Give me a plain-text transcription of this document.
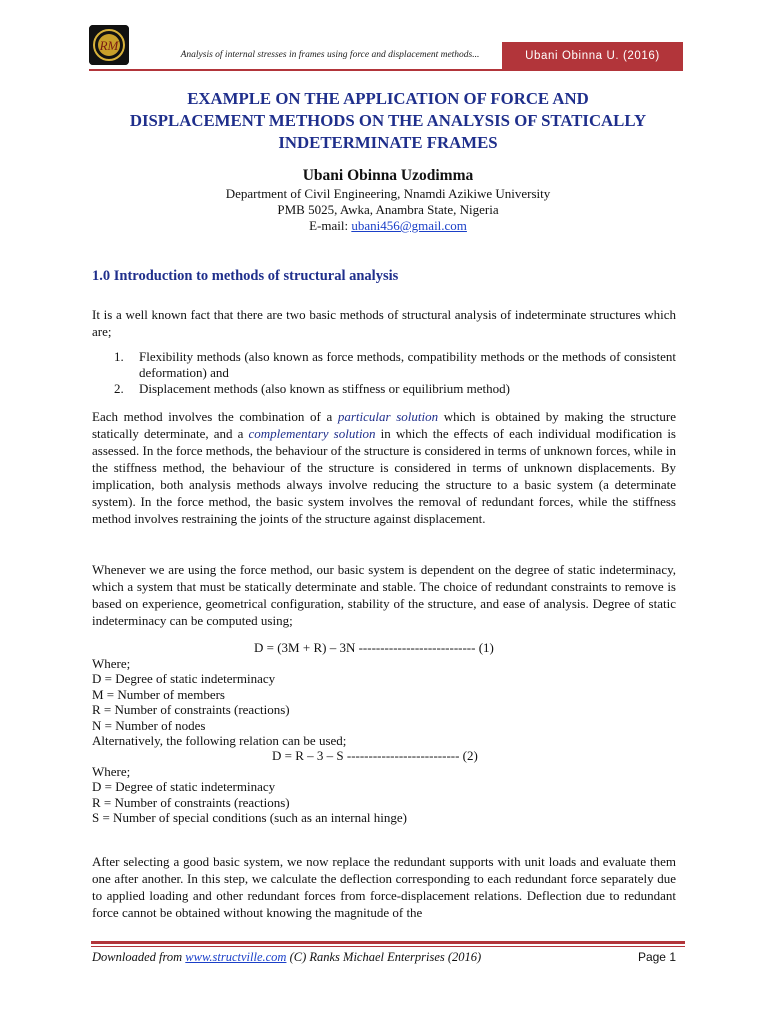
RM
Analysis of internal stresses in frames using force and displacement methods...	Ubani Obinna U. (2016)
EXAMPLE ON THE APPLICATION OF FORCE AND
DISPLACEMENT METHODS ON THE ANALYSIS OF STATICALLY
INDETERMINATE FRAMES
Ubani Obinna Uzodimma
Department of Civil Engineering, Nnamdi Azikiwe University
PMB 5025, Awka, Anambra State, Nigeria
E-mail: ubani456@gmail.com
1.0 Introduction to methods of structural analysis

It is a well known fact that there are two basic methods of structural analysis of indeterminate structures which are;

1.	Flexibility methods (also known as force methods, compatibility methods or the methods of consistent deformation) and
2.	Displacement methods (also known as stiffness or equilibrium method)

Each method involves the combination of a particular solution which is obtained by making the structure statically determinate, and a complementary solution in which the effects of each individual modification is assessed. In the force methods, the behaviour of the structure is considered in terms of unknown forces, while in the stiffness method, the behaviour of the structure is considered in terms of unknown displacements. By implication, both analysis methods always involve reducing the structure to a basic system (a determinate system). In the force method, the basic system involves the removal of redundant forces, while the stiffness method involves restraining the joints of the structure against displacement.

Whenever we are using the force method, our basic system is dependent on the degree of static indeterminacy, which a system that must be statically determinate and stable. The choice of redundant constraints to remove is based on experience, geometrical configuration, stability of the structure, and ease of analysis. Degree of static indeterminacy can be computed using;

D = (3M + R) – 3N --------------------------- (1)
Where;
D = Degree of static indeterminacy
M = Number of members
R = Number of constraints (reactions)
N = Number of nodes
Alternatively, the following relation can be used;
D = R – 3 – S -------------------------- (2)
Where;
D = Degree of static indeterminacy
R = Number of constraints (reactions)
S = Number of special conditions (such as an internal hinge)

After selecting a good basic system, we now replace the redundant supports with unit loads and evaluate them one after another. In this step, we calculate the deflection corresponding to each redundant force separately due to applied loading and other redundant forces from force-displacement relations. Deflection due to redundant force cannot be obtained without knowing the magnitude of the

Downloaded from www.structville.com (C) Ranks Michael Enterprises (2016)	Page 1
